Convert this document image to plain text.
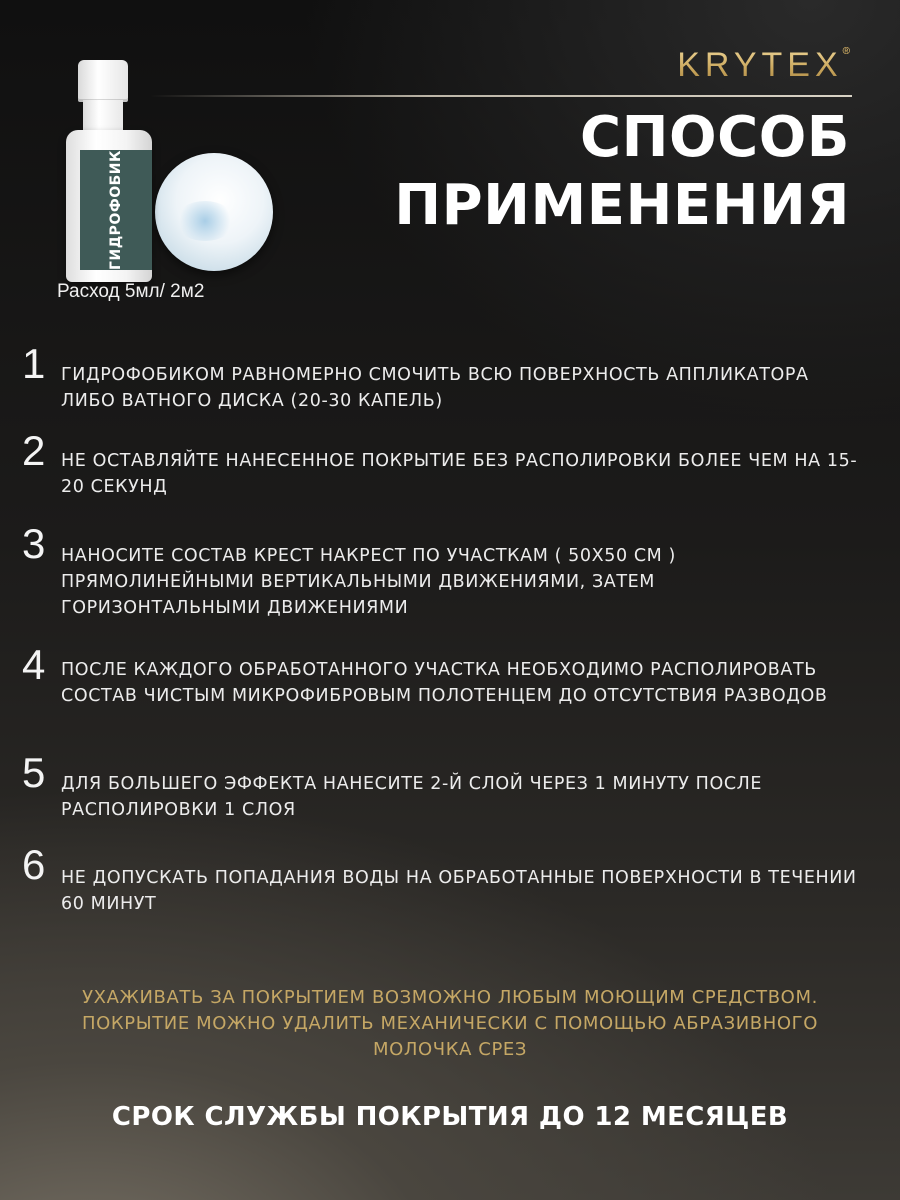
ГИДРОФОБИК
Расход 5мл/ 2м2
KRYTEX®
СПОСОБ
ПРИМЕНЕНИЯ
1 ГИДРОФОБИКОМ РАВНОМЕРНО СМОЧИТЬ ВСЮ ПОВЕРХНОСТЬ АППЛИКАТОРА ЛИБО ВАТНОГО ДИСКА (20-30 КАПЕЛЬ)
2 НЕ ОСТАВЛЯЙТЕ НАНЕСЕННОЕ ПОКРЫТИЕ БЕЗ РАСПОЛИРОВКИ БОЛЕЕ ЧЕМ НА 15-20 СЕКУНД
3 НАНОСИТЕ СОСТАВ КРЕСТ НАКРЕСТ ПО УЧАСТКАМ ( 50Х50 СМ ) ПРЯМОЛИНЕЙНЫМИ ВЕРТИКАЛЬНЫМИ ДВИЖЕНИЯМИ, ЗАТЕМ ГОРИЗОНТАЛЬНЫМИ ДВИЖЕНИЯМИ
4 ПОСЛЕ КАЖДОГО ОБРАБОТАННОГО УЧАСТКА НЕОБХОДИМО РАСПОЛИРОВАТЬ СОСТАВ ЧИСТЫМ МИКРОФИБРОВЫМ ПОЛОТЕНЦЕМ ДО ОТСУТСТВИЯ РАЗВОДОВ
5 ДЛЯ БОЛЬШЕГО ЭФФЕКТА НАНЕСИТЕ 2-Й СЛОЙ ЧЕРЕЗ 1 МИНУТУ ПОСЛЕ РАСПОЛИРОВКИ 1 СЛОЯ
6 НЕ ДОПУСКАТЬ ПОПАДАНИЯ ВОДЫ НА ОБРАБОТАННЫЕ ПОВЕРХНОСТИ В ТЕЧЕНИИ 60 МИНУТ
УХАЖИВАТЬ ЗА ПОКРЫТИЕМ ВОЗМОЖНО ЛЮБЫМ МОЮЩИМ СРЕДСТВОМ. ПОКРЫТИЕ МОЖНО УДАЛИТЬ МЕХАНИЧЕСКИ С ПОМОЩЬЮ АБРАЗИВНОГО МОЛОЧКА СРЕЗ
СРОК СЛУЖБЫ ПОКРЫТИЯ ДО 12 МЕСЯЦЕВ
